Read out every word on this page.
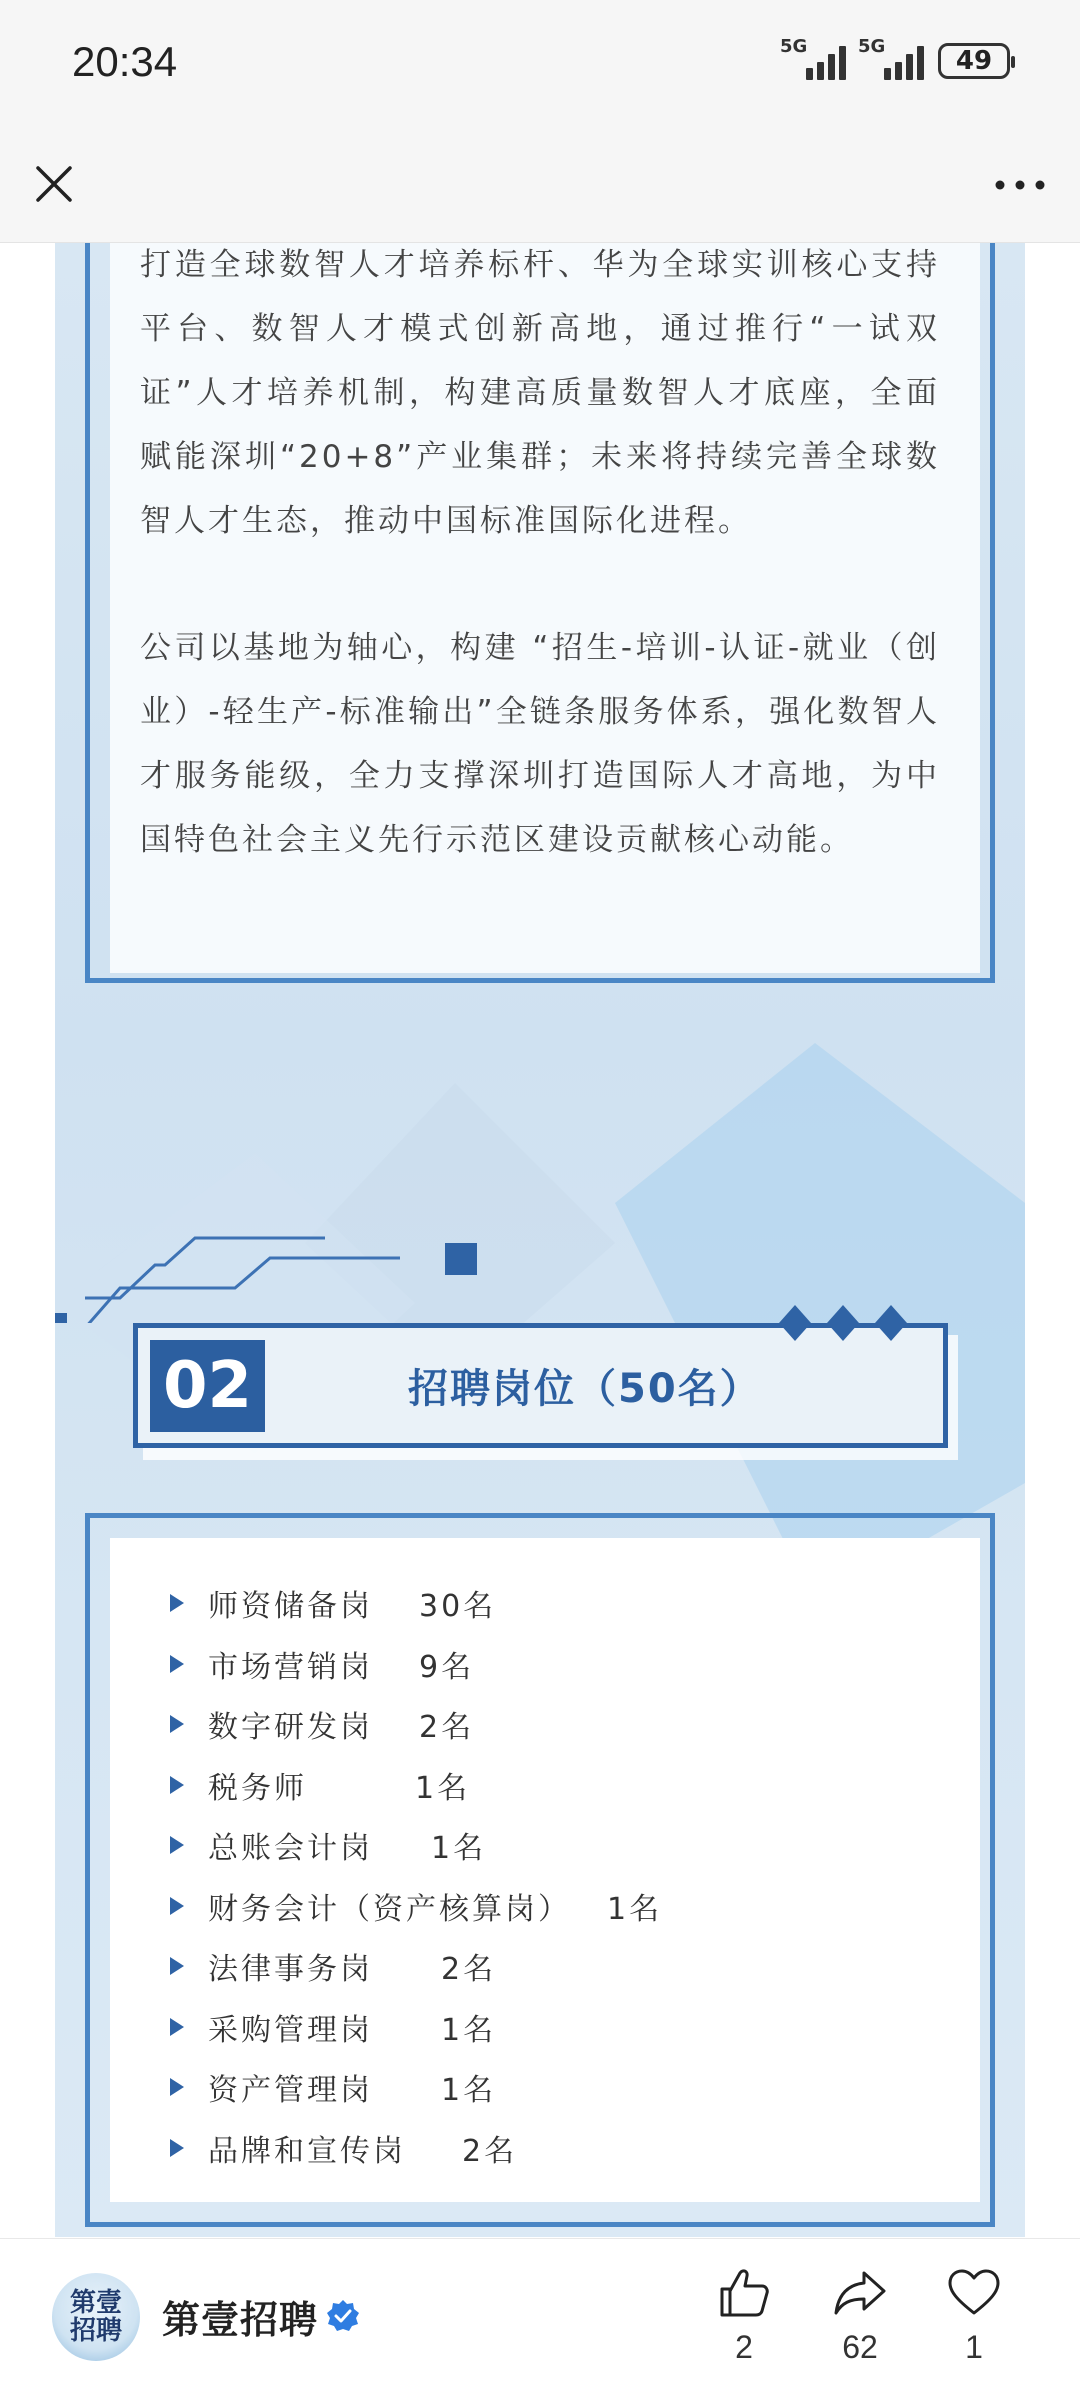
20:34	5G	5G	49

打造全球数智人才培养标杆、华为全球实训核心支持平台、数智人才模式创新高地，通过推行“一试双证”人才培养机制，构建高质量数智人才底座，全面赋能深圳“20+8”产业集群；未来将持续完善全球数智人才生态，推动中国标准国际化进程。

公司以基地为轴心，构建 “招生-培训-认证-就业（创业）-轻生产-标准输出”全链条服务体系，强化数智人才服务能级，全力支撑深圳打造国际人才高地，为中国特色社会主义先行示范区建设贡献核心动能。

02	招聘岗位（50名）
师资储备岗 30名
市场营销岗 9名
数字研发岗 2名
税务师	1名
总账会计岗 1名
财务会计（资产核算岗） 1名
法律事务岗 2名
采购管理岗 1名
资产管理岗 1名
品牌和宣传岗 2名
第壹招聘 第壹招聘
2	62	1
